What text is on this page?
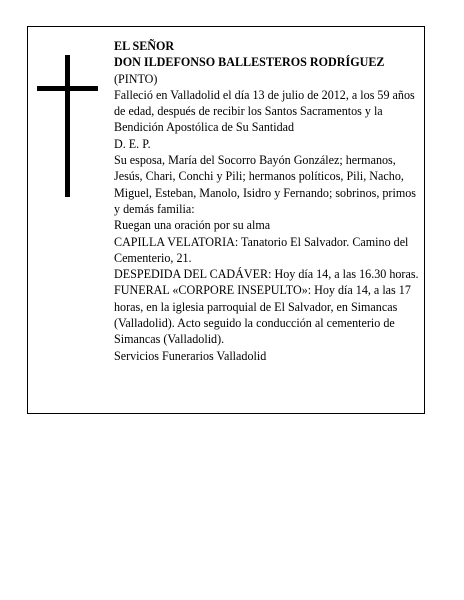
EL SEÑOR

DON ILDEFONSO BALLESTEROS RODRÍGUEZ

(PINTO)

Falleció en Valladolid el día 13 de julio de 2012, a los 59 años de edad, después de recibir los Santos Sacramentos y la Bendición Apostólica de Su Santidad

D. E. P.

Su esposa, María del Socorro Bayón González; hermanos, Jesús, Chari, Conchi y Pili; hermanos políticos, Pili, Nacho, Miguel, Esteban, Manolo, Isidro y Fernando; sobrinos, primos y demás familia:

Ruegan una oración por su alma

CAPILLA VELATORIA: Tanatorio El Salvador. Camino del Cementerio, 21.

DESPEDIDA DEL CADÁVER: Hoy día 14, a las 16.30 horas.

FUNERAL «CORPORE INSEPULTO»: Hoy día 14, a las 17 horas, en la iglesia parroquial de El Salvador, en Simancas (Valladolid). Acto seguido la conducción al cementerio de Simancas (Valladolid).

Servicios Funerarios Valladolid
